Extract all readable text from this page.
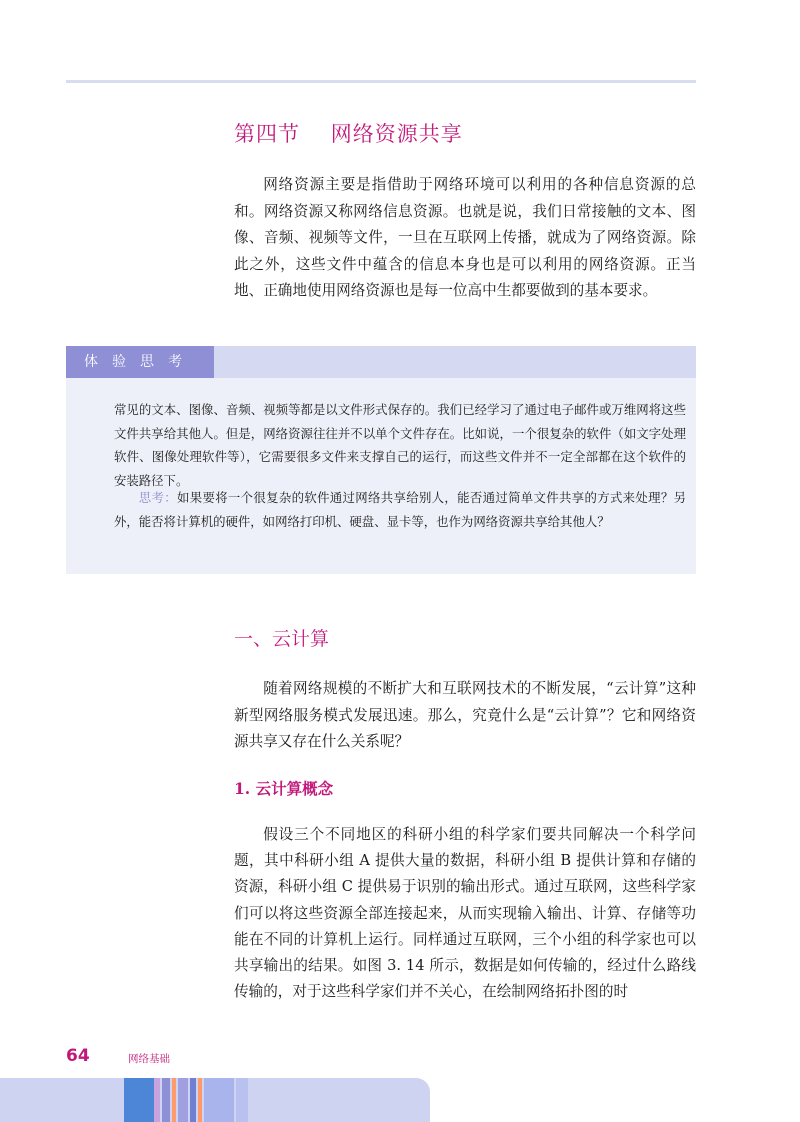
第四节    网络资源共享

网络资源主要是指借助于网络环境可以利用的各种信息资源的总和。网络资源又称网络信息资源。也就是说，我们日常接触的文本、图像、音频、视频等文件，一旦在互联网上传播，就成为了网络资源。除此之外，这些文件中蕴含的信息本身也是可以利用的网络资源。正当地、正确地使用网络资源也是每一位高中生都要做到的基本要求。

体验思考

常见的文本、图像、音频、视频等都是以文件形式保存的。我们已经学习了通过电子邮件或万维网将这些文件共享给其他人。但是，网络资源往往并不以单个文件存在。比如说，一个很复杂的软件（如文字处理软件、图像处理软件等），它需要很多文件来支撑自己的运行，而这些文件并不一定全部都在这个软件的安装路径下。

思考：如果要将一个很复杂的软件通过网络共享给别人，能否通过简单文件共享的方式来处理？另外，能否将计算机的硬件，如网络打印机、硬盘、显卡等，也作为网络资源共享给其他人？

一、云计算

随着网络规模的不断扩大和互联网技术的不断发展，“云计算”这种新型网络服务模式发展迅速。那么，究竟什么是“云计算”？它和网络资源共享又存在什么关系呢？

1. 云计算概念

假设三个不同地区的科研小组的科学家们要共同解决一个科学问题，其中科研小组 A 提供大量的数据，科研小组 B 提供计算和存储的资源，科研小组 C 提供易于识别的输出形式。通过互联网，这些科学家们可以将这些资源全部连接起来，从而实现输入输出、计算、存储等功能在不同的计算机上运行。同样通过互联网，三个小组的科学家也可以共享输出的结果。如图 3. 14 所示，数据是如何传输的，经过什么路线传输的，对于这些科学家们并不关心，在绘制网络拓扑图的时

64	网络基础
